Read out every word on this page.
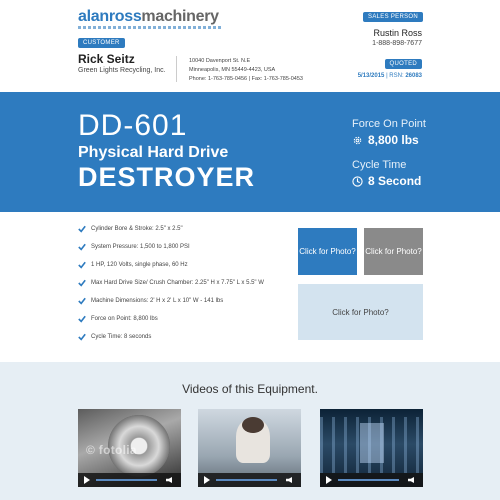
alanrossmachinery
CUSTOMER
Rick Seitz
Green Lights Recycling, Inc.
10040 Davenport St. N.E
Minneapolis, MN 55449-4423, USA
Phone: 1-763-785-0456 | Fax: 1-763-785-0453
SALES PERSON
Rustin Ross
1-888-898-7677
QUOTED
5/13/2015 | RSN: 26083
DD-601
Physical Hard Drive
DESTROYER
Force On Point
8,800 lbs
Cycle Time
8 Second
Cylinder Bore & Stroke: 2.5" x 2.5"
System Pressure: 1,500 to 1,800 PSI
1 HP, 120 Volts, single phase, 60 Hz
Max Hard Drive Size/ Crush Chamber: 2.25" H x 7.75" L x 5.5" W
Machine Dimensions: 2' H x 2' L x 10" W - 141 lbs
Force on Point: 8,800 lbs
Cycle Time: 8 seconds
Click for Photo? Click for Photo?
Click for Photo?
Videos of this Equipment.
© fotolia
